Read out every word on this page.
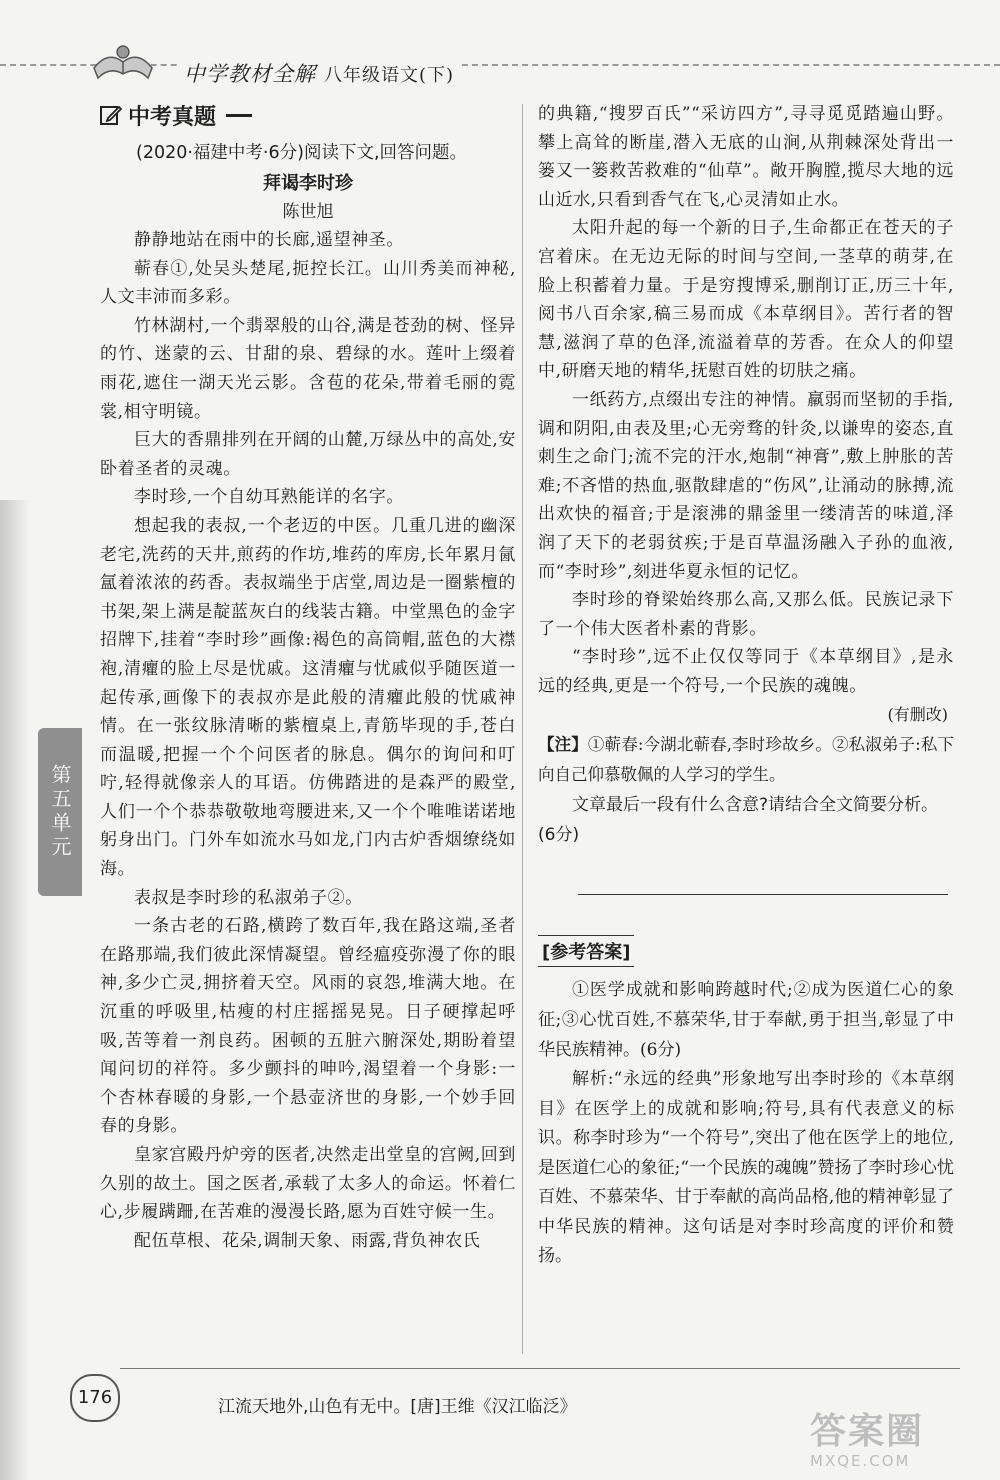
中学教材全解 八年级语文(下)
中考真题

(2020·福建中考·6分)阅读下文,回答问题。

拜谒李时珍
陈世旭

静静地站在雨中的长廊,遥望神圣。

蕲春①,处吴头楚尾,扼控长江。山川秀美而神秘,人文丰沛而多彩。

竹林湖村,一个翡翠般的山谷,满是苍劲的树、怪异的竹、迷蒙的云、甘甜的泉、碧绿的水。莲叶上缀着雨花,遮住一湖天光云影。含苞的花朵,带着毛丽的霓裳,相守明镜。

巨大的香鼎排列在开阔的山麓,万绿丛中的高处,安卧着圣者的灵魂。

李时珍,一个自幼耳熟能详的名字。

想起我的表叔,一个老迈的中医。几重几进的幽深老宅,洗药的天井,煎药的作坊,堆药的库房,长年累月氤氲着浓浓的药香。表叔端坐于店堂,周边是一圈紫檀的书架,架上满是靛蓝灰白的线装古籍。中堂黑色的金字招牌下,挂着“李时珍”画像:褐色的高筒帽,蓝色的大襟袍,清癯的脸上尽是忧戚。这清癯与忧戚似乎随医道一起传承,画像下的表叔亦是此般的清癯此般的忧戚神情。在一张纹脉清晰的紫檀桌上,青筋毕现的手,苍白而温暖,把握一个个问医者的脉息。偶尔的询问和叮咛,轻得就像亲人的耳语。仿佛踏进的是森严的殿堂,人们一个个恭恭敬敬地弯腰进来,又一个个唯唯诺诺地躬身出门。门外车如流水马如龙,门内古炉香烟缭绕如海。

表叔是李时珍的私淑弟子②。

一条古老的石路,横跨了数百年,我在路这端,圣者在路那端,我们彼此深情凝望。曾经瘟疫弥漫了你的眼神,多少亡灵,拥挤着天空。风雨的哀怨,堆满大地。在沉重的呼吸里,枯瘦的村庄摇摇晃晃。日子硬撑起呼吸,苦等着一剂良药。困顿的五脏六腑深处,期盼着望闻问切的祥符。多少颤抖的呻吟,渴望着一个身影:一个杏林春暖的身影,一个悬壶济世的身影,一个妙手回春的身影。

皇家宫殿丹炉旁的医者,决然走出堂皇的宫阙,回到久别的故土。国之医者,承载了太多人的命运。怀着仁心,步履蹒跚,在苦难的漫漫长路,愿为百姓守候一生。

配伍草根、花朵,调制天象、雨露,背负神农氏

的典籍,“搜罗百氏”“采访四方”,寻寻觅觅踏遍山野。攀上高耸的断崖,潜入无底的山涧,从荆棘深处背出一篓又一篓救苦救难的“仙草”。敞开胸膛,揽尽大地的远山近水,只看到香气在飞,心灵清如止水。

太阳升起的每一个新的日子,生命都正在苍天的子宫着床。在无边无际的时间与空间,一茎草的萌芽,在脸上积蓄着力量。于是穷搜博采,删削订正,历三十年,阅书八百余家,稿三易而成《本草纲目》。苦行者的智慧,滋润了草的色泽,流溢着草的芳香。在众人的仰望中,研磨天地的精华,抚慰百姓的切肤之痛。

一纸药方,点缀出专注的神情。羸弱而坚韧的手指,调和阴阳,由表及里;心无旁骛的针灸,以谦卑的姿态,直刺生之命门;流不完的汗水,炮制“神膏”,敷上肿胀的苦难;不吝惜的热血,驱散肆虐的“伤风”,让涌动的脉搏,流出欢快的福音;于是滚沸的鼎釜里一缕清苦的味道,泽润了天下的老弱贫疾;于是百草温汤融入子孙的血液,而“李时珍”,刻进华夏永恒的记忆。

李时珍的脊梁始终那么高,又那么低。民族记录下了一个伟大医者朴素的背影。

“李时珍”,远不止仅仅等同于《本草纲目》,是永远的经典,更是一个符号,一个民族的魂魄。

(有删改)

【注】①蕲春:今湖北蕲春,李时珍故乡。②私淑弟子:私下向自己仰慕敬佩的人学习的学生。

文章最后一段有什么含意?请结合全文简要分析。(6分)

[参考答案]

①医学成就和影响跨越时代;②成为医道仁心的象征;③心忧百姓,不慕荣华,甘于奉献,勇于担当,彰显了中华民族精神。(6分)

解析:“永远的经典”形象地写出李时珍的《本草纲目》在医学上的成就和影响;符号,具有代表意义的标识。称李时珍为“一个符号”,突出了他在医学上的地位,是医道仁心的象征;“一个民族的魂魄”赞扬了李时珍心忧百姓、不慕荣华、甘于奉献的高尚品格,他的精神彰显了中华民族的精神。这句话是对李时珍高度的评价和赞扬。

第五单元
176	江流天地外,山色有无中。[唐]王维《汉江临泛》
答案圈
MXQE.COM
